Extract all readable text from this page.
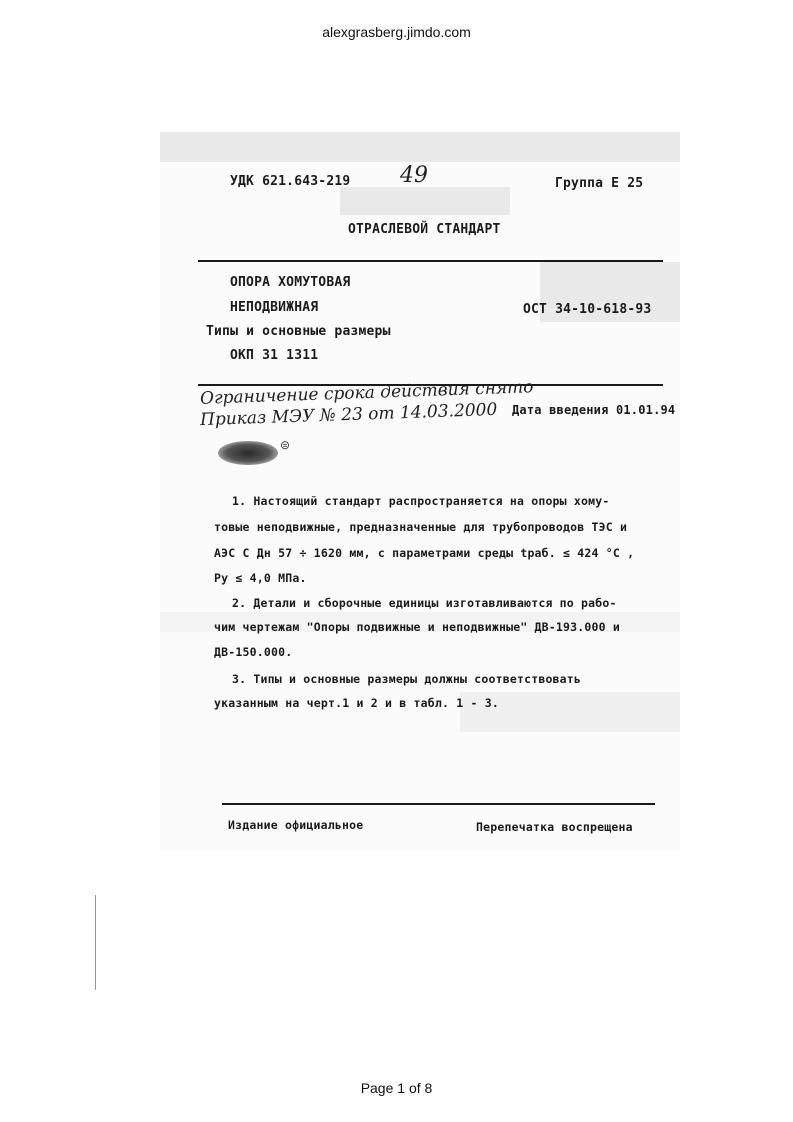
alexgrasberg.jimdo.com
УДК 621.643-219 49	Группа Е 25
ОТРАСЛЕВОЙ СТАНДАРТ
ОПОРА ХОМУТОВАЯ
НЕПОДВИЖНАЯ	ОСТ 34-10-618-93
Типы и основные размеры
ОКП 31 1311
Ограничение срока действия снято
Приказ МЭУ № 23 от 14.03.2000 Дата введения 01.01.94
⊜
1. Настоящий стандарт распространяется на опоры хому-
товые неподвижные, предназначенные для трубопроводов ТЭС и
АЭС С Дн 57 ÷ 1620 мм, с параметрами среды tраб. ≤ 424 °С ,
Pу ≤ 4,0 МПа.
2. Детали и сборочные единицы изготавливаются по рабо-
чим чертежам "Опоры подвижные и неподвижные" ДВ-193.000 и
ДВ-150.000.
3. Типы и основные размеры должны соответствовать
указанным на черт.1 и 2 и в табл. 1 - 3.
Издание официальное	Перепечатка воспрещена
Page 1 of 8
